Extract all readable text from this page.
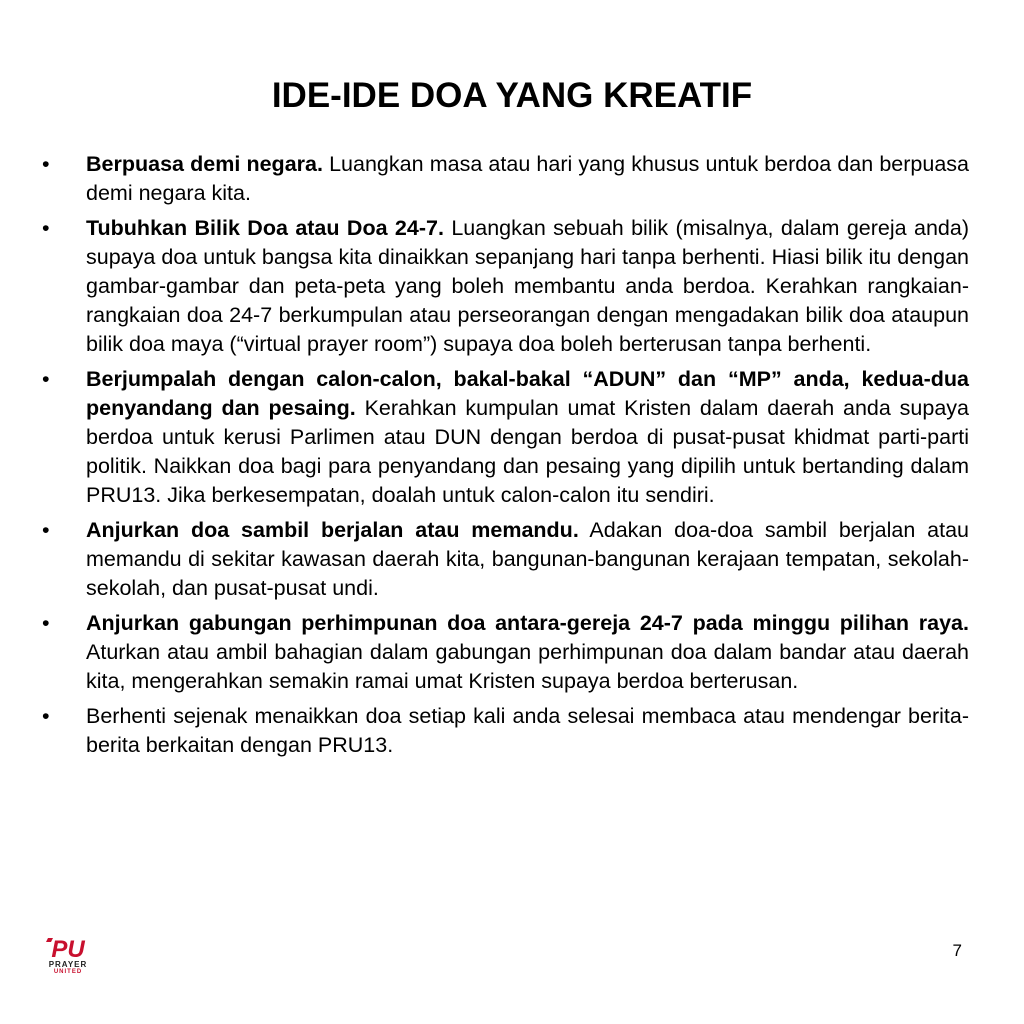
IDE-IDE DOA YANG KREATIF
• Berpuasa demi negara. Luangkan masa atau hari yang khusus untuk berdoa dan berpuasa demi negara kita.
• Tubuhkan Bilik Doa atau Doa 24-7. Luangkan sebuah bilik (misalnya, dalam gereja anda) supaya doa untuk bangsa kita dinaikkan sepanjang hari tanpa berhenti. Hiasi bilik itu dengan gambar-gambar dan peta-peta yang boleh membantu anda berdoa. Kerahkan rangkaian-rangkaian doa 24-7 berkumpulan atau perseorangan dengan mengadakan bilik doa ataupun bilik doa maya (“virtual prayer room”) supaya doa boleh berterusan tanpa berhenti.
• Berjumpalah dengan calon-calon, bakal-bakal “ADUN” dan “MP” anda, kedua-dua penyandang dan pesaing. Kerahkan kumpulan umat Kristen dalam daerah anda supaya berdoa untuk kerusi Parlimen atau DUN dengan berdoa di pusat-pusat khidmat parti-parti politik. Naikkan doa bagi para penyandang dan pesaing yang dipilih untuk bertanding dalam PRU13. Jika berkesempatan, doalah untuk calon-calon itu sendiri.
• Anjurkan doa sambil berjalan atau memandu. Adakan doa-doa sambil berjalan atau memandu di sekitar kawasan daerah kita, bangunan-bangunan kerajaan tempatan, sekolah-sekolah, dan pusat-pusat undi.
• Anjurkan gabungan perhimpunan doa antara-gereja 24-7 pada minggu pilihan raya. Aturkan atau ambil bahagian dalam gabungan perhimpunan doa dalam bandar atau daerah kita, mengerahkan semakin ramai umat Kristen supaya berdoa berterusan.
• Berhenti sejenak menaikkan doa setiap kali anda selesai membaca atau mendengar berita-berita berkaitan dengan PRU13.
PU
PRAYER
UNITED
7
